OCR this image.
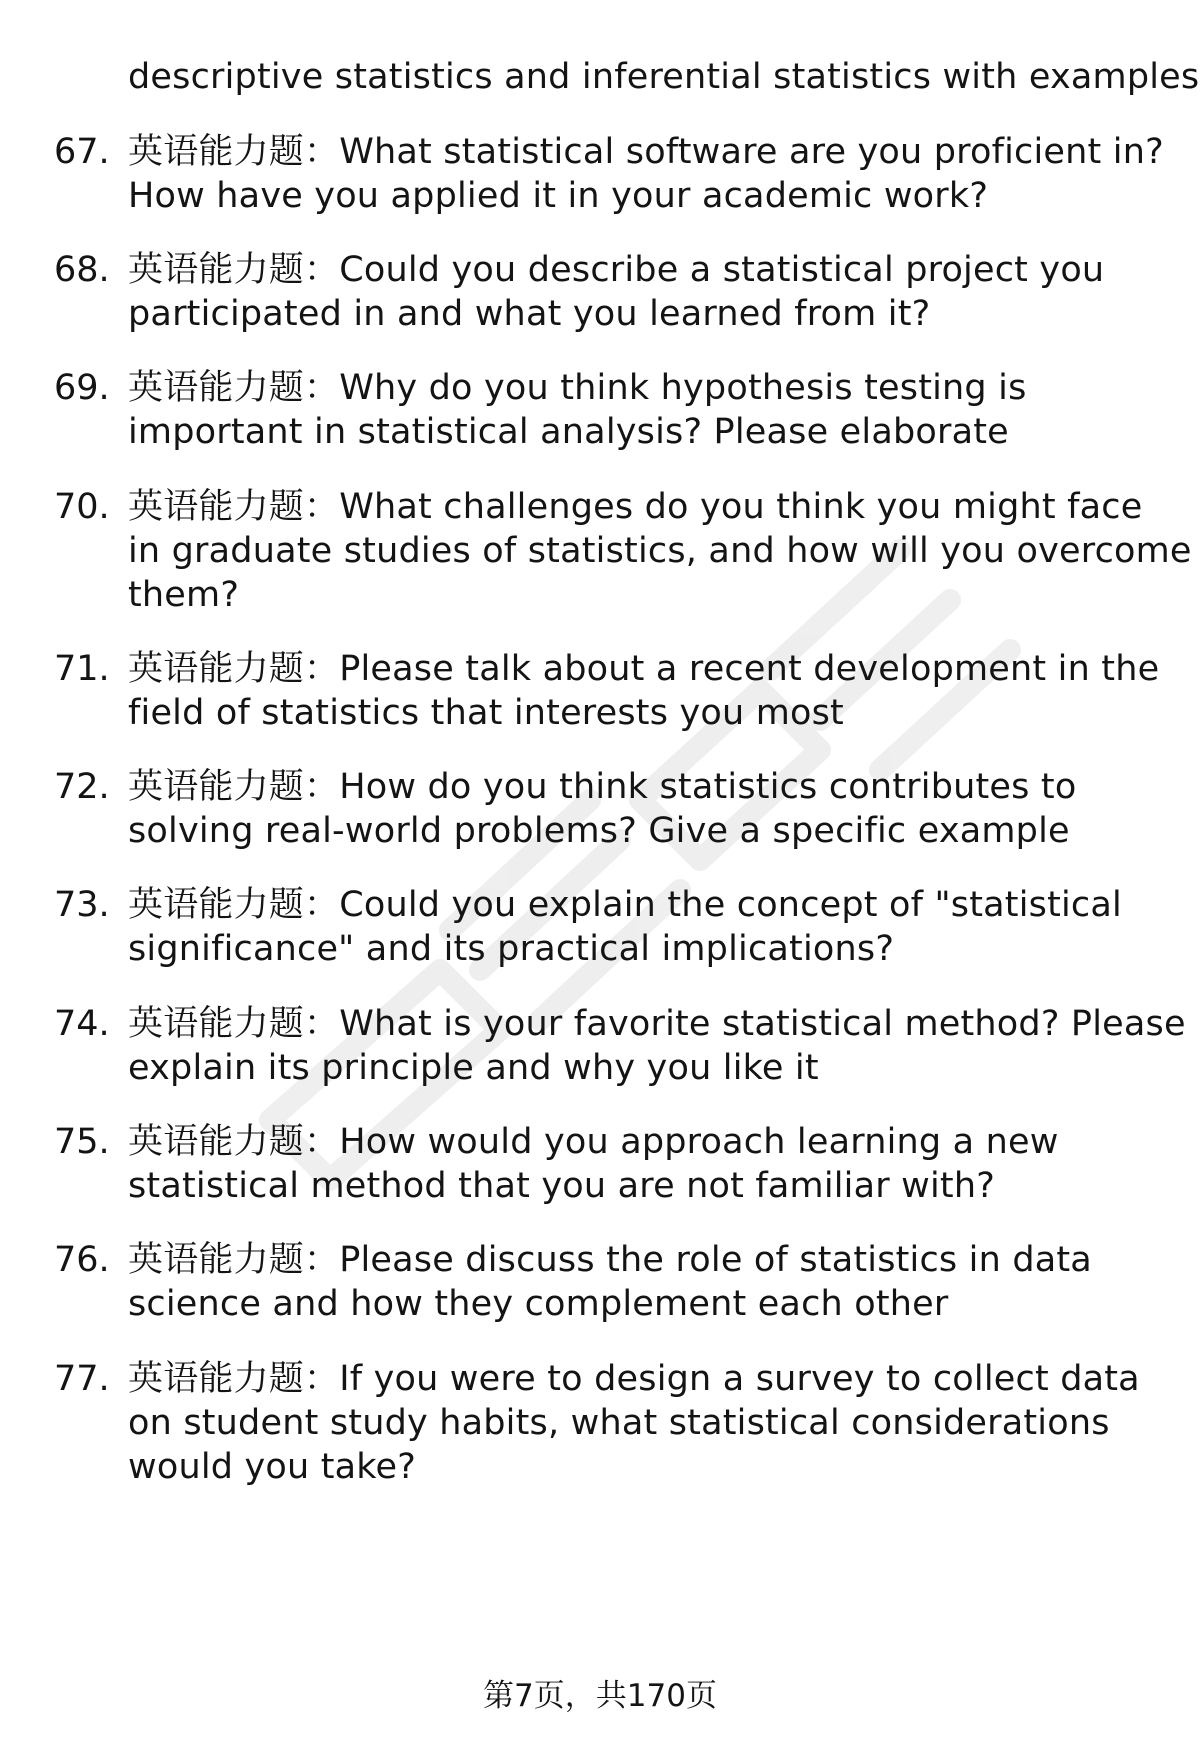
descriptive statistics and inferential statistics with examples
67. 英语能力题：What statistical software are you proficient in?
How have you applied it in your academic work?
68. 英语能力题：Could you describe a statistical project you
participated in and what you learned from it?
69. 英语能力题：Why do you think hypothesis testing is
important in statistical analysis? Please elaborate
70. 英语能力题：What challenges do you think you might face
in graduate studies of statistics, and how will you overcome
them?
71. 英语能力题：Please talk about a recent development in the
field of statistics that interests you most
72. 英语能力题：How do you think statistics contributes to
solving real-world problems? Give a specific example
73. 英语能力题：Could you explain the concept of "statistical
significance" and its practical implications?
74. 英语能力题：What is your favorite statistical method? Please
explain its principle and why you like it
75. 英语能力题：How would you approach learning a new
statistical method that you are not familiar with?
76. 英语能力题：Please discuss the role of statistics in data
science and how they complement each other
77. 英语能力题：If you were to design a survey to collect data
on student study habits, what statistical considerations
would you take?
第7页，共170页
